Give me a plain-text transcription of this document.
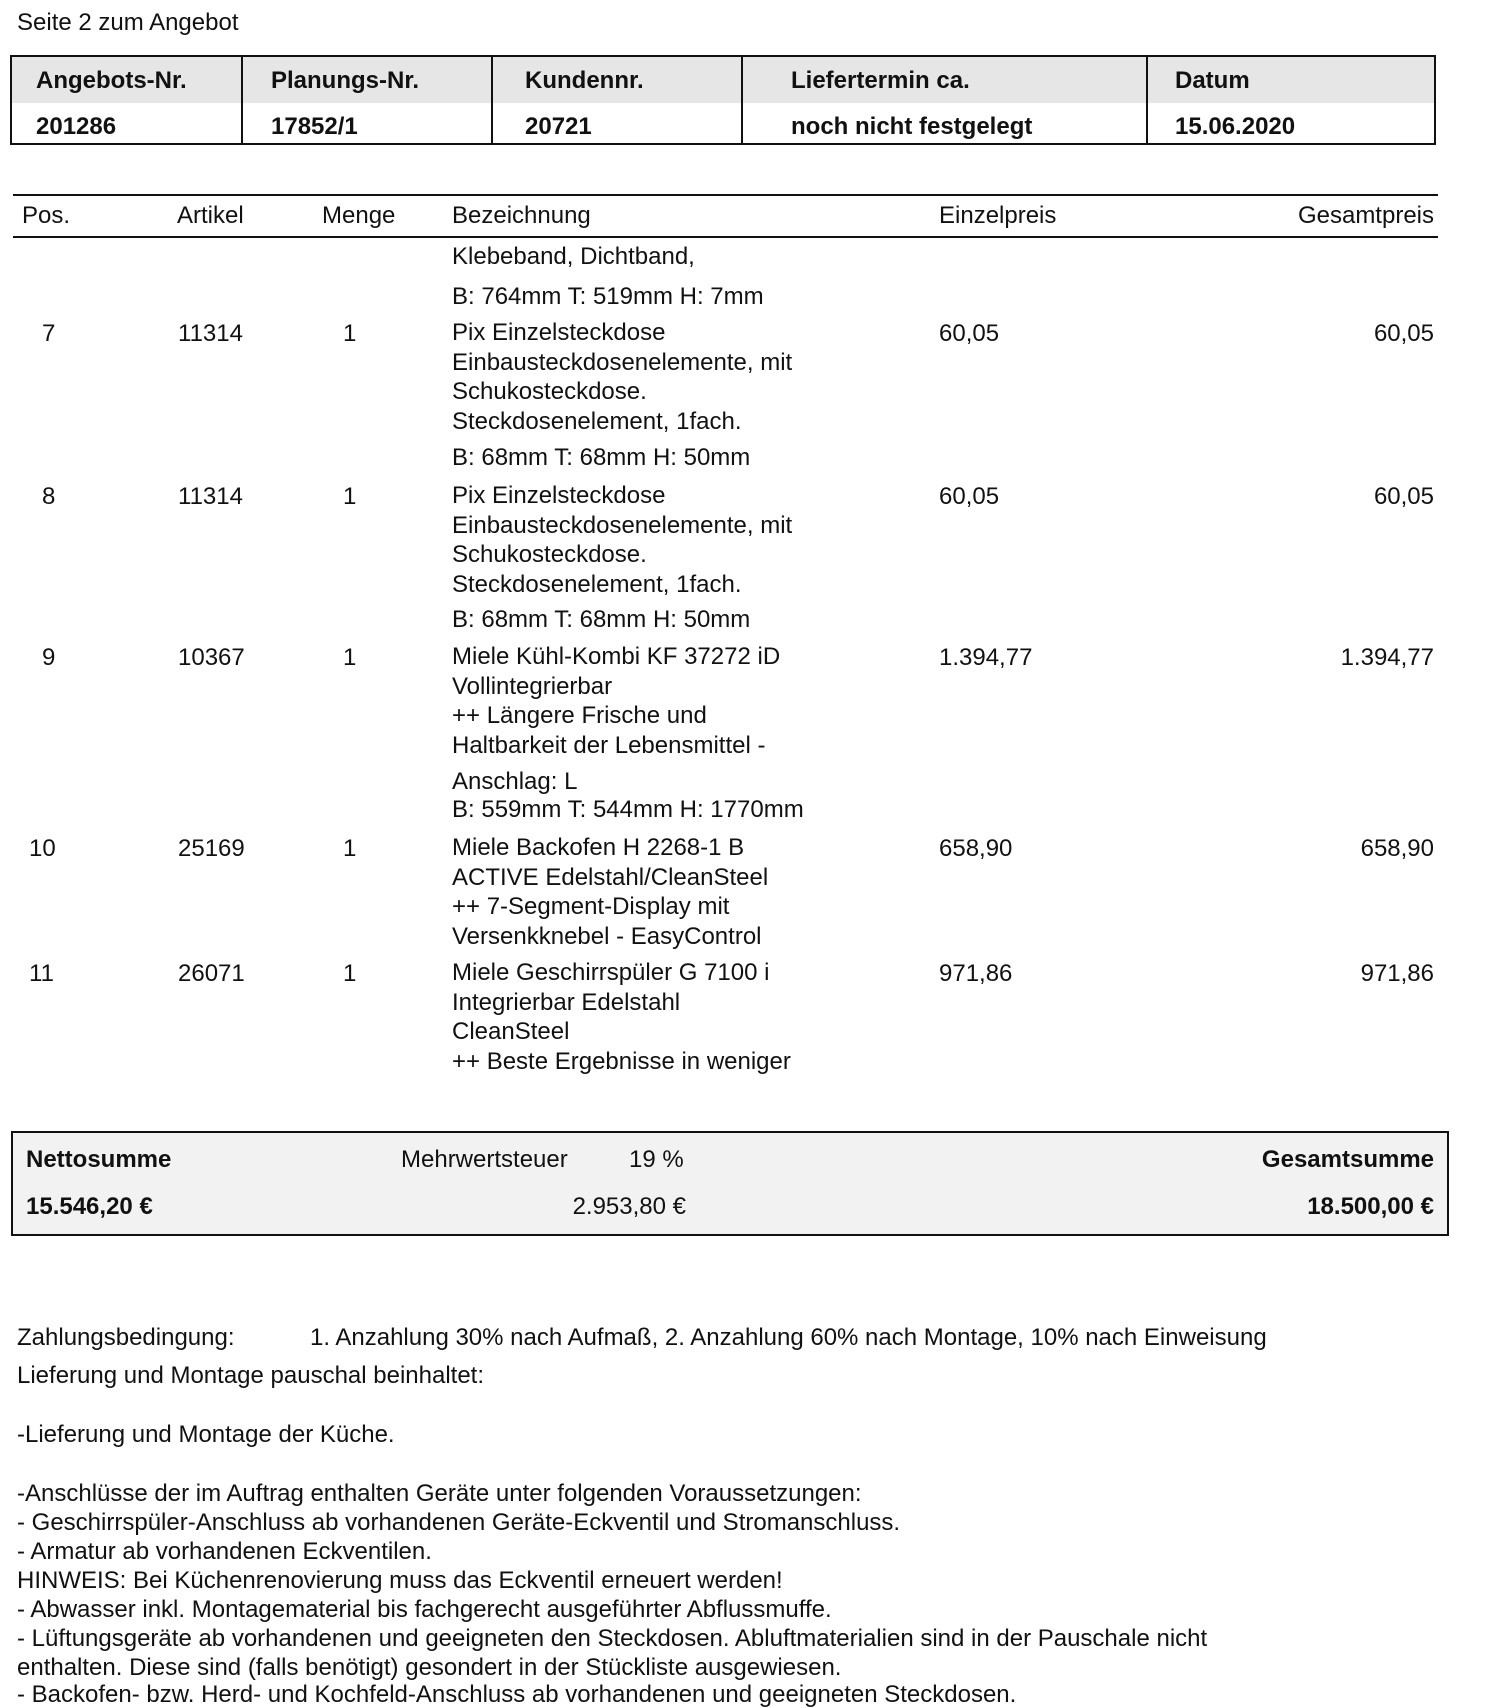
Seite 2 zum Angebot
Angebots-Nr.	Planungs-Nr.	Kundennr.	Liefertermin ca.	Datum
201286	17852/1	20721	noch nicht festgelegt	15.06.2020
Pos.	Artikel	Menge Bezeichnung	Einzelpreis	Gesamtpreis
Klebeband, Dichtband,
B: 764mm T: 519mm H: 7mm
7	11314	1	Pix Einzelsteckdose
Einbausteckdosenelemente, mit
Schukosteckdose.
Steckdosenelement, 1fach.
B: 68mm T: 68mm H: 50mm
60,05	60,05
8	11314	1	Pix Einzelsteckdose
Einbausteckdosenelemente, mit
Schukosteckdose.
Steckdosenelement, 1fach.
B: 68mm T: 68mm H: 50mm
60,05	60,05
9	10367	1	Miele Kühl-Kombi KF 37272 iD
Vollintegrierbar
++ Längere Frische und
Haltbarkeit der Lebensmittel -
Anschlag: L
B: 559mm T: 544mm H: 1770mm
1.394,77	1.394,77
10	25169	1	Miele Backofen H 2268-1 B
ACTIVE Edelstahl/CleanSteel
++ 7-Segment-Display mit
Versenkknebel - EasyControl
658,90	658,90
11	26071	1	Miele Geschirrspüler G 7100 i
Integrierbar Edelstahl
CleanSteel
++ Beste Ergebnisse in weniger
971,86	971,86
Nettosumme	Mehrwertsteuer	19 %	Gesamtsumme
15.546,20 €	2.953,80 €	18.500,00 €
Zahlungsbedingung:	1. Anzahlung 30% nach Aufmaß, 2. Anzahlung 60% nach Montage, 10% nach Einweisung
Lieferung und Montage pauschal beinhaltet:
-Lieferung und Montage der Küche.
-Anschlüsse der im Auftrag enthalten Geräte unter folgenden Voraussetzungen:
- Geschirrspüler-Anschluss ab vorhandenen Geräte-Eckventil und Stromanschluss.
- Armatur ab vorhandenen Eckventilen.
HINWEIS: Bei Küchenrenovierung muss das Eckventil erneuert werden!
- Abwasser inkl. Montagematerial bis fachgerecht ausgeführter Abflussmuffe.
- Lüftungsgeräte ab vorhandenen und geeigneten den Steckdosen. Abluftmaterialien sind in der Pauschale nicht
enthalten. Diese sind (falls benötigt) gesondert in der Stückliste ausgewiesen.
- Backofen- bzw. Herd- und Kochfeld-Anschluss ab vorhandenen und geeigneten Steckdosen.
